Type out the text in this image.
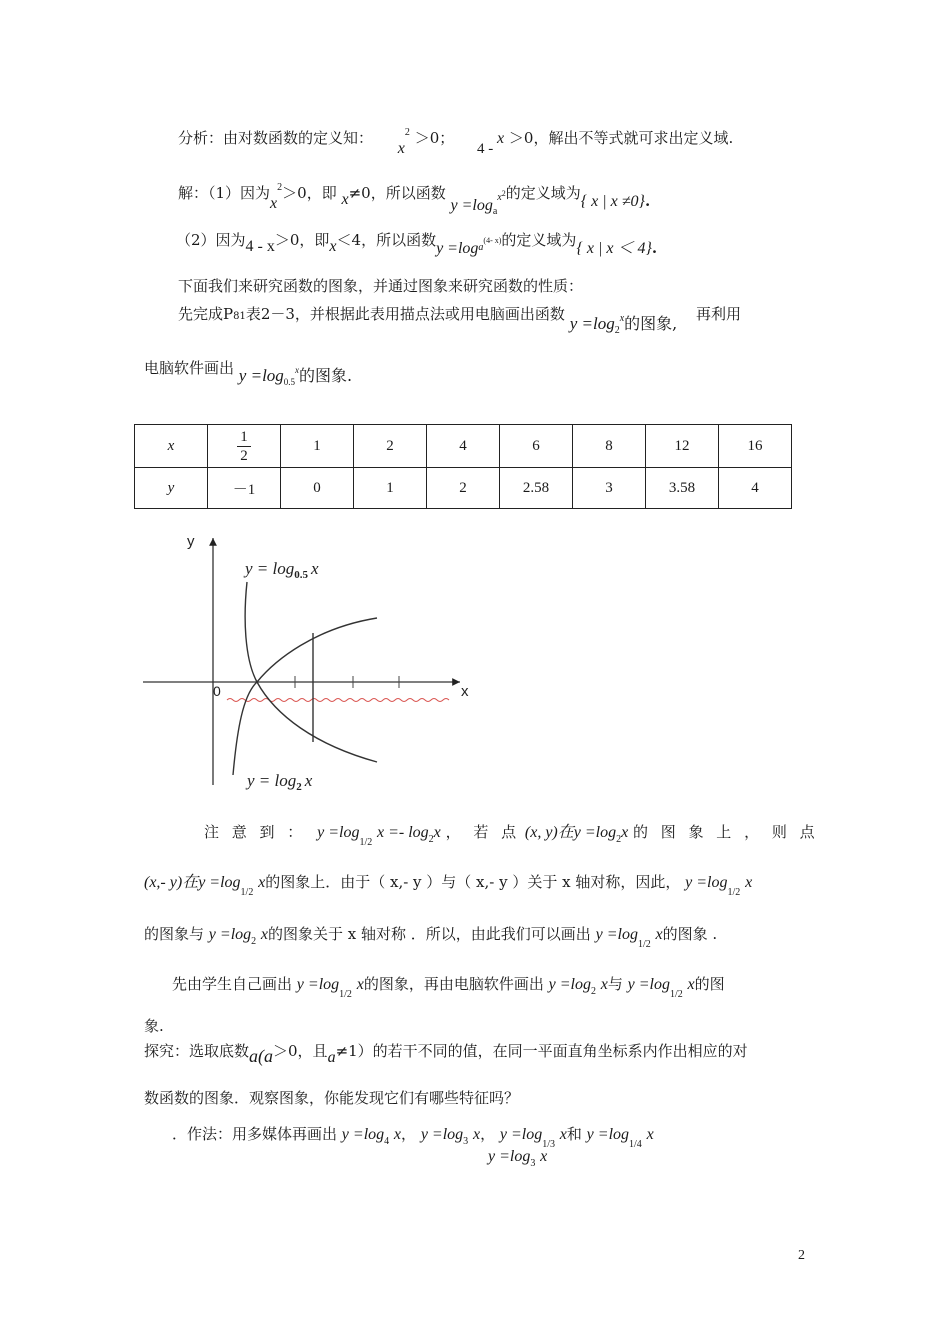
分析：由对数函数的定义知： $x^2 >0$； 4 - x ＞0，解出不等式就可求出定义域.
解：（1）因为$x^2>0$，即 x≠0，所以函数 $y =\log_ax2$的定义域为{ x | x ≠0}.
（2）因为4 - x＞0，即x＜4，所以函数$y =\log_a(4-$ x)的定义域为{ x | x ＜ 4}.
下面我们来研究函数的图象，并通过图象来研究函数的性质：
先完成P81表2－3，并根据此表用描点法或用电脑画出函数 $y =\log_2x$的图象, 再利用
电脑软件画出 $y =\log_{0.5}x$的图象.
x	$\frac{1}{2}$	1	2	4	6	8	12	16
y	－1	0	1	2	2.58	3	3.58	4
y
x
0
$y = \log_{0.5} x$
$y = \log_2 x$
注 意 到 ： $y =\log_{1/2}$ $x =- \log_2x$ ， 若 点 (x, y)在$y =\log_2x$ 的 图 象 上 ， 则 点
(x,- y)在$y =\log_{1/2}$ x的图象上．由于（ x,- y ）与（ x,- y ）关于 x 轴对称，因此， $y =\log_{1/2}$ x
的图象与 $y =\log_2$ x的图象关于 x 轴对称 ．所以，由此我们可以画出 $y =\log_{1/2}$ x的图象 .
先由学生自己画出 $y =\log_{1/2}$ x的图象，再由电脑软件画出 $y =\log_2$ x与 $y =\log_{1/2}$ x的图
象.
探究：选取底数a(a＞0，且a≠1）的若干不同的值，在同一平面直角坐标系内作出相应的对
数函数的图象．观察图象，你能发现它们有哪些特征吗？
．作法：用多媒体再画出 $y =\log_4$ x， $y =\log_3$ x， $y =\log_{1/3}$ x和 $y =\log_{1/4}$ x
$y =\log_3$ x
2
